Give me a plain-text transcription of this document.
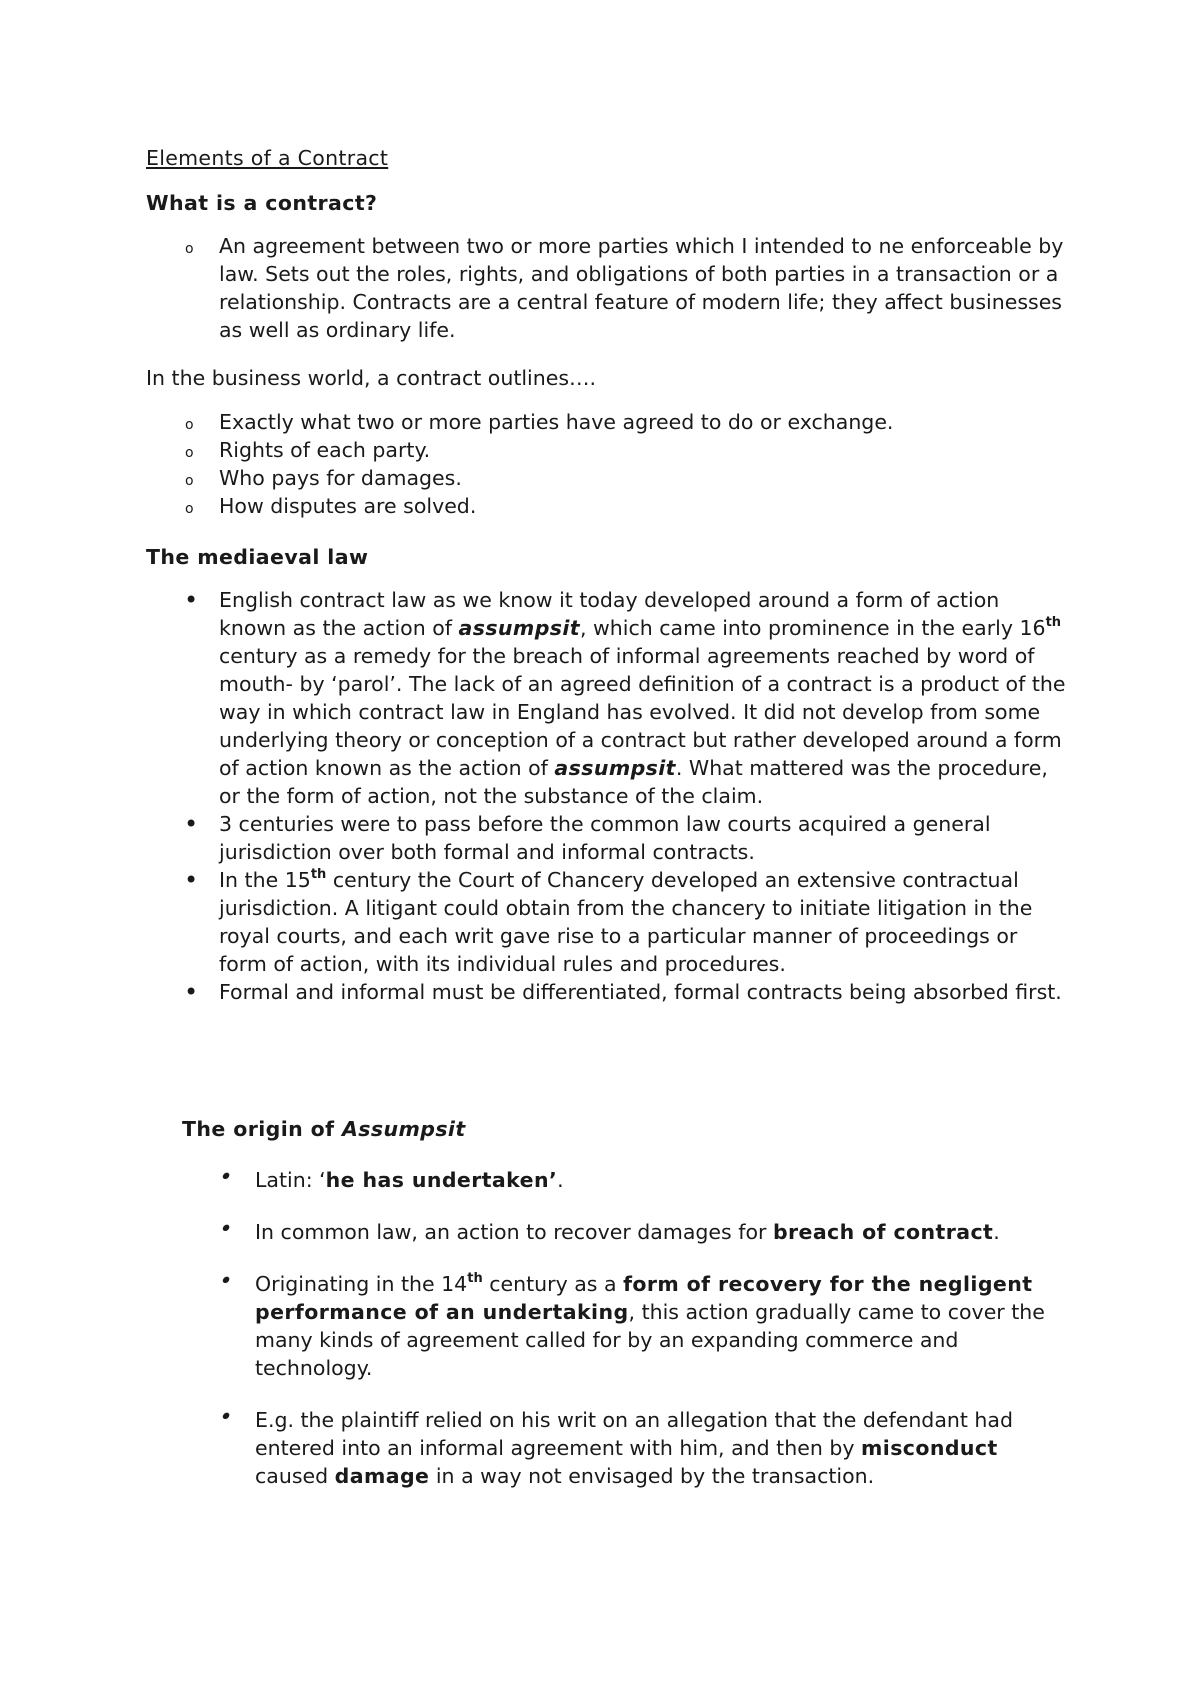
Elements of a Contract
What is a contract?
o An agreement between two or more parties which I intended to ne enforceable by law. Sets out the roles, rights, and obligations of both parties in a transaction or a relationship. Contracts are a central feature of modern life; they affect businesses as well as ordinary life.

In the business world, a contract outlines….

o Exactly what two or more parties have agreed to do or exchange.
o Rights of each party.
o Who pays for damages.
o How disputes are solved.
The mediaeval law
• English contract law as we know it today developed around a form of action known as the action of assumpsit, which came into prominence in the early 16th century as a remedy for the breach of informal agreements reached by word of mouth- by ‘parol’. The lack of an agreed definition of a contract is a product of the way in which contract law in England has evolved. It did not develop from some underlying theory or conception of a contract but rather developed around a form of action known as the action of assumpsit. What mattered was the procedure, or the form of action, not the substance of the claim.
• 3 centuries were to pass before the common law courts acquired a general jurisdiction over both formal and informal contracts.
• In the 15th century the Court of Chancery developed an extensive contractual jurisdiction. A litigant could obtain from the chancery to initiate litigation in the royal courts, and each writ gave rise to a particular manner of proceedings or form of action, with its individual rules and procedures.
• Formal and informal must be differentiated, formal contracts being absorbed first.
The origin of Assumpsit
• Latin: ‘he has undertaken’.
• In common law, an action to recover damages for breach of contract.
• Originating in the 14th century as a form of recovery for the negligent performance of an undertaking, this action gradually came to cover the many kinds of agreement called for by an expanding commerce and technology.
• E.g. the plaintiff relied on his writ on an allegation that the defendant had entered into an informal agreement with him, and then by misconduct caused damage in a way not envisaged by the transaction.
